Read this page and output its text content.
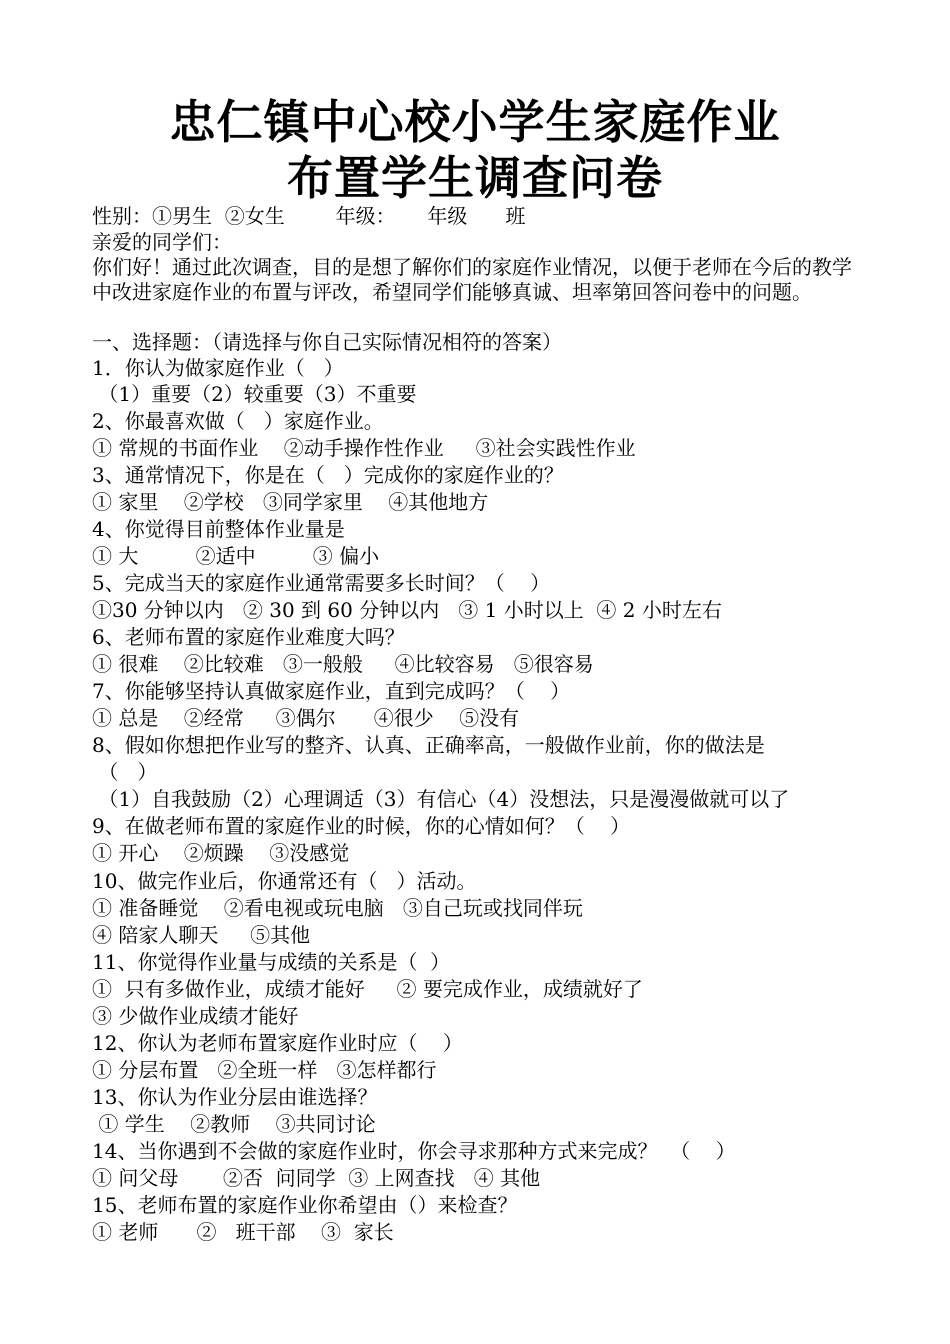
忠仁镇中心校小学生家庭作业
布置学生调查问卷
性别：①男生  ②女生        年级：     年级      班
亲爱的同学们：
你们好！通过此次调查，目的是想了解你们的家庭作业情况，以便于老师在今后的教学中改进家庭作业的布置与评改，希望同学们能够真诚、坦率第回答问卷中的问题。
一、选择题：（请选择与你自己实际情况相符的答案）
1．你认为做家庭作业（   ）
（1）重要（2）较重要（3）不重要
2、你最喜欢做（   ）家庭作业。
① 常规的书面作业    ②动手操作性作业     ③社会实践性作业
3、通常情况下，你是在（   ）完成你的家庭作业的？
① 家里    ②学校   ③同学家里    ④其他地方
4、你觉得目前整体作业量是
① 大         ②适中         ③ 偏小
5、完成当天的家庭作业通常需要多长时间？（    ）
①30 分钟以内   ② 30 到 60 分钟以内   ③ 1 小时以上  ④ 2 小时左右
6、老师布置的家庭作业难度大吗？
① 很难    ②比较难   ③一般般     ④比较容易   ⑤很容易
7、你能够坚持认真做家庭作业，直到完成吗？（    ）
① 总是    ②经常     ③偶尔      ④很少    ⑤没有
8、假如你想把作业写的整齐、认真、正确率高，一般做作业前，你的做法是
（   ）
（1）自我鼓励（2）心理调适（3）有信心（4）没想法，只是漫漫做就可以了
9、在做老师布置的家庭作业的时候，你的心情如何？（    ）
① 开心    ②烦躁    ③没感觉
10、做完作业后，你通常还有（   ）活动。
① 准备睡觉    ②看电视或玩电脑   ③自己玩或找同伴玩
④ 陪家人聊天     ⑤其他
11、你觉得作业量与成绩的关系是（  ）
①  只有多做作业，成绩才能好     ② 要完成作业，成绩就好了
③ 少做作业成绩才能好
12、你认为老师布置家庭作业时应（    ）
① 分层布置   ②全班一样   ③怎样都行
13、你认为作业分层由谁选择？
① 学生    ②教师    ③共同讨论
14、当你遇到不会做的家庭作业时，你会寻求那种方式来完成？  （    ）
① 问父母       ②否  问同学  ③ 上网查找   ④ 其他
15、老师布置的家庭作业你希望由（）来检查？
① 老师      ②   班干部    ③  家长
